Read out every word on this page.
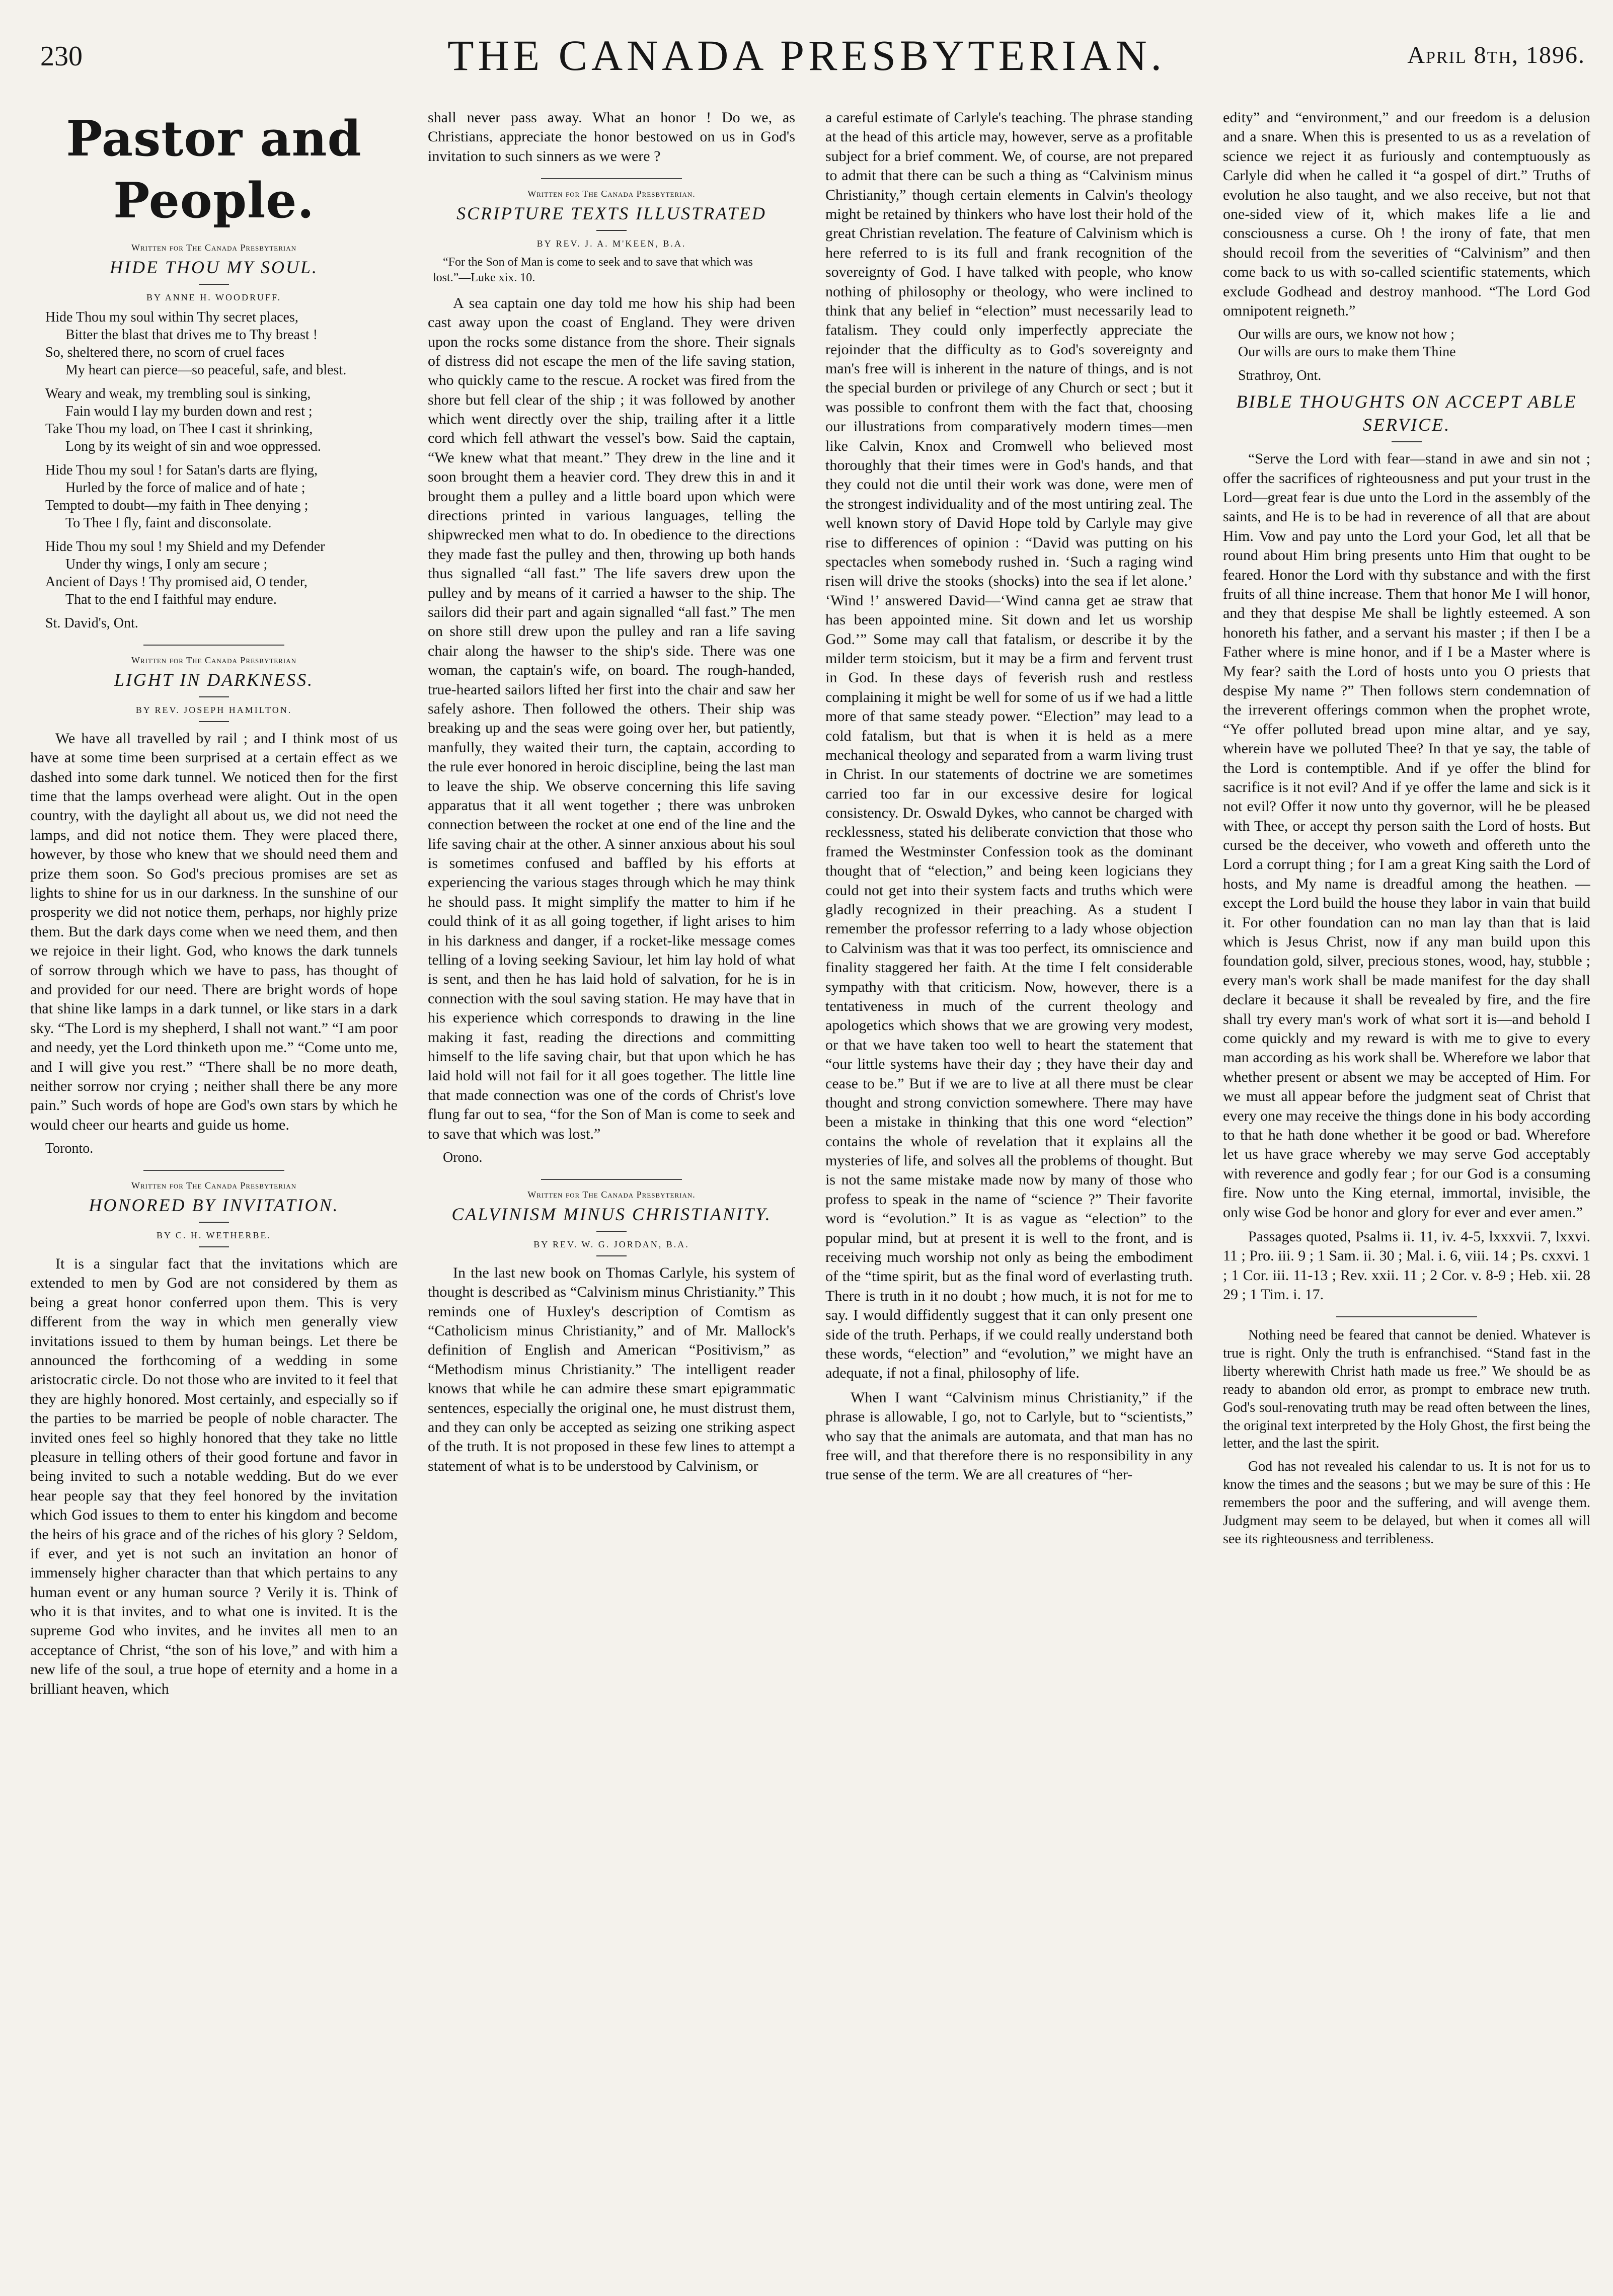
230	THE CANADA PRESBYTERIAN.	April 8th, 1896.
Pastor and People.
Written for The Canada Presbyterian
HIDE THOU MY SOUL.
BY ANNE H. WOODRUFF.
Hide Thou my soul within Thy secret places,
Bitter the blast that drives me to Thy breast !
So, sheltered there, no scorn of cruel faces
My heart can pierce—so peaceful, safe, and blest.
Weary and weak, my trembling soul is sinking,
Fain would I lay my burden down and rest ;
Take Thou my load, on Thee I cast it shrinking,
Long by its weight of sin and woe oppressed.
Hide Thou my soul ! for Satan's darts are flying,
Hurled by the force of malice and of hate ;
Tempted to doubt—my faith in Thee denying ;
To Thee I fly, faint and disconsolate.
Hide Thou my soul ! my Shield and my Defender
Under thy wings, I only am secure ;
Ancient of Days ! Thy promised aid, O tender,
That to the end I faithful may endure.
St. David's, Ont.
Written for The Canada Presbyterian
LIGHT IN DARKNESS.
BY REV. JOSEPH HAMILTON.

We have all travelled by rail ; and I think most of us have at some time been surprised at a certain effect as we dashed into some dark tunnel. We noticed then for the first time that the lamps overhead were alight. Out in the open country, with the daylight all about us, we did not need the lamps, and did not notice them. They were placed there, however, by those who knew that we should need them and prize them soon. So God's precious promises are set as lights to shine for us in our darkness. In the sunshine of our prosperity we did not notice them, perhaps, nor highly prize them. But the dark days come when we need them, and then we rejoice in their light. God, who knows the dark tunnels of sorrow through which we have to pass, has thought of and provided for our need. There are bright words of hope that shine like lamps in a dark tunnel, or like stars in a dark sky. “The Lord is my shepherd, I shall not want.” “I am poor and needy, yet the Lord thinketh upon me.” “Come unto me, and I will give you rest.” “There shall be no more death, neither sorrow nor crying ; neither shall there be any more pain.” Such words of hope are God's own stars by which he would cheer our hearts and guide us home.

Toronto.
Written for The Canada Presbyterian
HONORED BY INVITATION.
BY C. H. WETHERBE.

It is a singular fact that the invitations which are extended to men by God are not considered by them as being a great honor conferred upon them. This is very different from the way in which men generally view invitations issued to them by human beings. Let there be announced the forthcoming of a wedding in some aristocratic circle. Do not those who are invited to it feel that they are highly honored. Most certainly, and especially so if the parties to be married be people of noble character. The invited ones feel so highly honored that they take no little pleasure in telling others of their good fortune and favor in being invited to such a notable wedding. But do we ever hear people say that they feel honored by the invitation which God issues to them to enter his kingdom and become the heirs of his grace and of the riches of his glory ? Seldom, if ever, and yet is not such an invitation an honor of immensely higher character than that which pertains to any human event or any human source ? Verily it is. Think of who it is that invites, and to what one is invited. It is the supreme God who invites, and he invites all men to an acceptance of Christ, “the son of his love,” and with him a new life of the soul, a true hope of eternity and a home in a brilliant heaven, which

shall never pass away. What an honor ! Do we, as Christians, appreciate the honor bestowed on us in God's invitation to such sinners as we were ?

Written for The Canada Presbyterian.
SCRIPTURE TEXTS ILLUSTRATED
BY REV. J. A. M'KEEN, B.A.
“For the Son of Man is come to seek and to save that which was lost.”—Luke xix. 10.

A sea captain one day told me how his ship had been cast away upon the coast of England. They were driven upon the rocks some distance from the shore. Their signals of distress did not escape the men of the life saving station, who quickly came to the rescue. A rocket was fired from the shore but fell clear of the ship ; it was followed by another which went directly over the ship, trailing after it a little cord which fell athwart the vessel's bow. Said the captain, “We knew what that meant.” They drew in the line and it soon brought them a heavier cord. They drew this in and it brought them a pulley and a little board upon which were directions printed in various languages, telling the shipwrecked men what to do. In obedience to the directions they made fast the pulley and then, throwing up both hands thus signalled “all fast.” The life savers drew upon the pulley and by means of it carried a hawser to the ship. The sailors did their part and again signalled “all fast.” The men on shore still drew upon the pulley and ran a life saving chair along the hawser to the ship's side. There was one woman, the captain's wife, on board. The rough-handed, true-hearted sailors lifted her first into the chair and saw her safely ashore. Then followed the others. Their ship was breaking up and the seas were going over her, but patiently, manfully, they waited their turn, the captain, according to the rule ever honored in heroic discipline, being the last man to leave the ship. We observe concerning this life saving apparatus that it all went together ; there was unbroken connection between the rocket at one end of the line and the life saving chair at the other. A sinner anxious about his soul is sometimes confused and baffled by his efforts at experiencing the various stages through which he may think he should pass. It might simplify the matter to him if he could think of it as all going together, if light arises to him in his darkness and danger, if a rocket-like message comes telling of a loving seeking Saviour, let him lay hold of what is sent, and then he has laid hold of salvation, for he is in connection with the soul saving station. He may have that in his experience which corresponds to drawing in the line making it fast, reading the directions and committing himself to the life saving chair, but that upon which he has laid hold will not fail for it all goes together. The little line that made connection was one of the cords of Christ's love flung far out to sea, “for the Son of Man is come to seek and to save that which was lost.”

Orono.
Written for The Canada Presbyterian.
CALVINISM MINUS CHRISTIANITY.
BY REV. W. G. JORDAN, B.A.

In the last new book on Thomas Carlyle, his system of thought is described as “Calvinism minus Christianity.” This reminds one of Huxley's description of Comtism as “Catholicism minus Christianity,” and of Mr. Mallock's definition of English and American “Positivism,” as “Methodism minus Christianity.” The intelligent reader knows that while he can admire these smart epigrammatic sentences, especially the original one, he must distrust them, and they can only be accepted as seizing one striking aspect of the truth. It is not proposed in these few lines to attempt a statement of what is to be understood by Calvinism, or

a careful estimate of Carlyle's teaching. The phrase standing at the head of this article may, however, serve as a profitable subject for a brief comment. We, of course, are not prepared to admit that there can be such a thing as “Calvinism minus Christianity,” though certain elements in Calvin's theology might be retained by thinkers who have lost their hold of the great Christian revelation. The feature of Calvinism which is here referred to is its full and frank recognition of the sovereignty of God. I have talked with people, who know nothing of philosophy or theology, who were inclined to think that any belief in “election” must necessarily lead to fatalism. They could only imperfectly appreciate the rejoinder that the difficulty as to God's sovereignty and man's free will is inherent in the nature of things, and is not the special burden or privilege of any Church or sect ; but it was possible to confront them with the fact that, choosing our illustrations from comparatively modern times—men like Calvin, Knox and Cromwell who believed most thoroughly that their times were in God's hands, and that they could not die until their work was done, were men of the strongest individuality and of the most untiring zeal. The well known story of David Hope told by Carlyle may give rise to differences of opinion : “David was putting on his spectacles when somebody rushed in. ‘Such a raging wind risen will drive the stooks (shocks) into the sea if let alone.’ ‘Wind !’ answered David—‘Wind canna get ae straw that has been appointed mine. Sit down and let us worship God.’” Some may call that fatalism, or describe it by the milder term stoicism, but it may be a firm and fervent trust in God. In these days of feverish rush and restless complaining it might be well for some of us if we had a little more of that same steady power. “Election” may lead to a cold fatalism, but that is when it is held as a mere mechanical theology and separated from a warm living trust in Christ. In our statements of doctrine we are sometimes carried too far in our excessive desire for logical consistency. Dr. Oswald Dykes, who cannot be charged with recklessness, stated his deliberate conviction that those who framed the Westminster Confession took as the dominant thought that of “election,” and being keen logicians they could not get into their system facts and truths which were gladly recognized in their preaching. As a student I remember the professor referring to a lady whose objection to Calvinism was that it was too perfect, its omniscience and finality staggered her faith. At the time I felt considerable sympathy with that criticism. Now, however, there is a tentativeness in much of the current theology and apologetics which shows that we are growing very modest, or that we have taken too well to heart the statement that “our little systems have their day ; they have their day and cease to be.” But if we are to live at all there must be clear thought and strong conviction somewhere. There may have been a mistake in thinking that this one word “election” contains the whole of revelation that it explains all the mysteries of life, and solves all the problems of thought. But is not the same mistake made now by many of those who profess to speak in the name of “science ?” Their favorite word is “evolution.” It is as vague as “election” to the popular mind, but at present it is well to the front, and is receiving much worship not only as being the embodiment of the “time spirit, but as the final word of everlasting truth. There is truth in it no doubt ; how much, it is not for me to say. I would diffidently suggest that it can only present one side of the truth. Perhaps, if we could really understand both these words, “election” and “evolution,” we might have an adequate, if not a final, philosophy of life.

When I want “Calvinism minus Christianity,” if the phrase is allowable, I go, not to Carlyle, but to “scientists,” who say that the animals are automata, and that man has no free will, and that therefore there is no responsibility in any true sense of the term. We are all creatures of “her-

edity” and “environment,” and our freedom is a delusion and a snare. When this is presented to us as a revelation of science we reject it as furiously and contemptuously as Carlyle did when he called it “a gospel of dirt.” Truths of evolution he also taught, and we also receive, but not that one-sided view of it, which makes life a lie and consciousness a curse. Oh ! the irony of fate, that men should recoil from the severities of “Calvinism” and then come back to us with so-called scientific statements, which exclude Godhead and destroy manhood. “The Lord God omnipotent reigneth.”

Our wills are ours, we know not how ;
Our wills are ours to make them Thine
Strathroy, Ont.
BIBLE THOUGHTS ON ACCEPT ABLE SERVICE.

“Serve the Lord with fear—stand in awe and sin not ; offer the sacrifices of righteousness and put your trust in the Lord—great fear is due unto the Lord in the assembly of the saints, and He is to be had in reverence of all that are about Him. Vow and pay unto the Lord your God, let all that be round about Him bring presents unto Him that ought to be feared. Honor the Lord with thy substance and with the first fruits of all thine increase. Them that honor Me I will honor, and they that despise Me shall be lightly esteemed. A son honoreth his father, and a servant his master ; if then I be a Father where is mine honor, and if I be a Master where is My fear? saith the Lord of hosts unto you O priests that despise My name ?” Then follows stern condemnation of the irreverent offerings common when the prophet wrote, “Ye offer polluted bread upon mine altar, and ye say, wherein have we polluted Thee? In that ye say, the table of the Lord is contemptible. And if ye offer the blind for sacrifice is it not evil? And if ye offer the lame and sick is it not evil? Offer it now unto thy governor, will he be pleased with Thee, or accept thy person saith the Lord of hosts. But cursed be the deceiver, who voweth and offereth unto the Lord a corrupt thing ; for I am a great King saith the Lord of hosts, and My name is dreadful among the heathen. —except the Lord build the house they labor in vain that build it. For other foundation can no man lay than that is laid which is Jesus Christ, now if any man build upon this foundation gold, silver, precious stones, wood, hay, stubble ; every man's work shall be made manifest for the day shall declare it because it shall be revealed by fire, and the fire shall try every man's work of what sort it is—and behold I come quickly and my reward is with me to give to every man according as his work shall be. Wherefore we labor that whether present or absent we may be accepted of Him. For we must all appear before the judgment seat of Christ that every one may receive the things done in his body according to that he hath done whether it be good or bad. Wherefore let us have grace whereby we may serve God acceptably with reverence and godly fear ; for our God is a consuming fire. Now unto the King eternal, immortal, invisible, the only wise God be honor and glory for ever and ever amen.”

Passages quoted, Psalms ii. 11, iv. 4-5, lxxxvii. 7, lxxvi. 11 ; Pro. iii. 9 ; 1 Sam. ii. 30 ; Mal. i. 6, viii. 14 ; Ps. cxxvi. 1 ; 1 Cor. iii. 11-13 ; Rev. xxii. 11 ; 2 Cor. v. 8-9 ; Heb. xii. 28 29 ; 1 Tim. i. 17.

Nothing need be feared that cannot be denied. Whatever is true is right. Only the truth is enfranchised. “Stand fast in the liberty wherewith Christ hath made us free.” We should be as ready to abandon old error, as prompt to embrace new truth. God's soul-renovating truth may be read often between the lines, the original text interpreted by the Holy Ghost, the first being the letter, and the last the spirit.

God has not revealed his calendar to us. It is not for us to know the times and the seasons ; but we may be sure of this : He remembers the poor and the suffering, and will avenge them. Judgment may seem to be delayed, but when it comes all will see its righteousness and terribleness.
